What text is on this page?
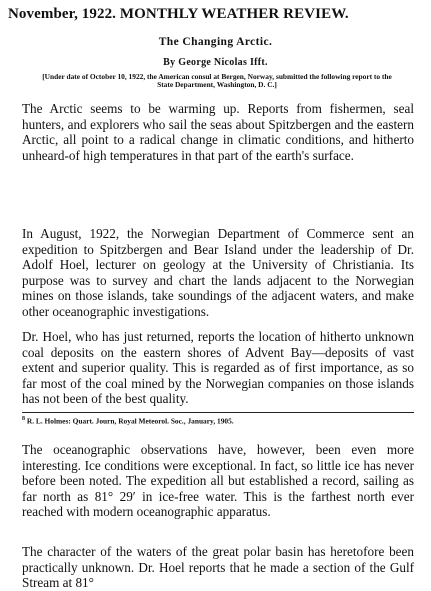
November, 1922. MONTHLY WEATHER REVIEW.
The Changing Arctic.
By George Nicolas Ifft.
[Under date of October 10, 1922, the American consul at Bergen, Norway, submitted the following report to the State Department, Washington, D. C.]

The Arctic seems to be warming up. Reports from fishermen, seal hunters, and explorers who sail the seas about Spitzbergen and the eastern Arctic, all point to a radical change in climatic conditions, and hitherto unheard-of high temperatures in that part of the earth's surface.

In August, 1922, the Norwegian Department of Commerce sent an expedition to Spitzbergen and Bear Island under the leadership of Dr. Adolf Hoel, lecturer on geology at the University of Christiania. Its purpose was to survey and chart the lands adjacent to the Norwegian mines on those islands, take soundings of the adjacent waters, and make other oceanographic investigations.

Dr. Hoel, who has just returned, reports the location of hitherto unknown coal deposits on the eastern shores of Advent Bay—deposits of vast extent and superior quality. This is regarded as of first importance, as so far most of the coal mined by the Norwegian companies on those islands has not been of the best quality.

$^8$ R. L. Holmes: Quart. Journ, Royal Meteorol. Soc., January, 1905.

The oceanographic observations have, however, been even more interesting. Ice conditions were exceptional. In fact, so little ice has never before been noted. The expedition all but established a record, sailing as far north as 81° 29′ in ice-free water. This is the farthest north ever reached with modern oceanographic apparatus.

The character of the waters of the great polar basin has heretofore been practically unknown. Dr. Hoel reports that he made a section of the Gulf Stream at 81°
